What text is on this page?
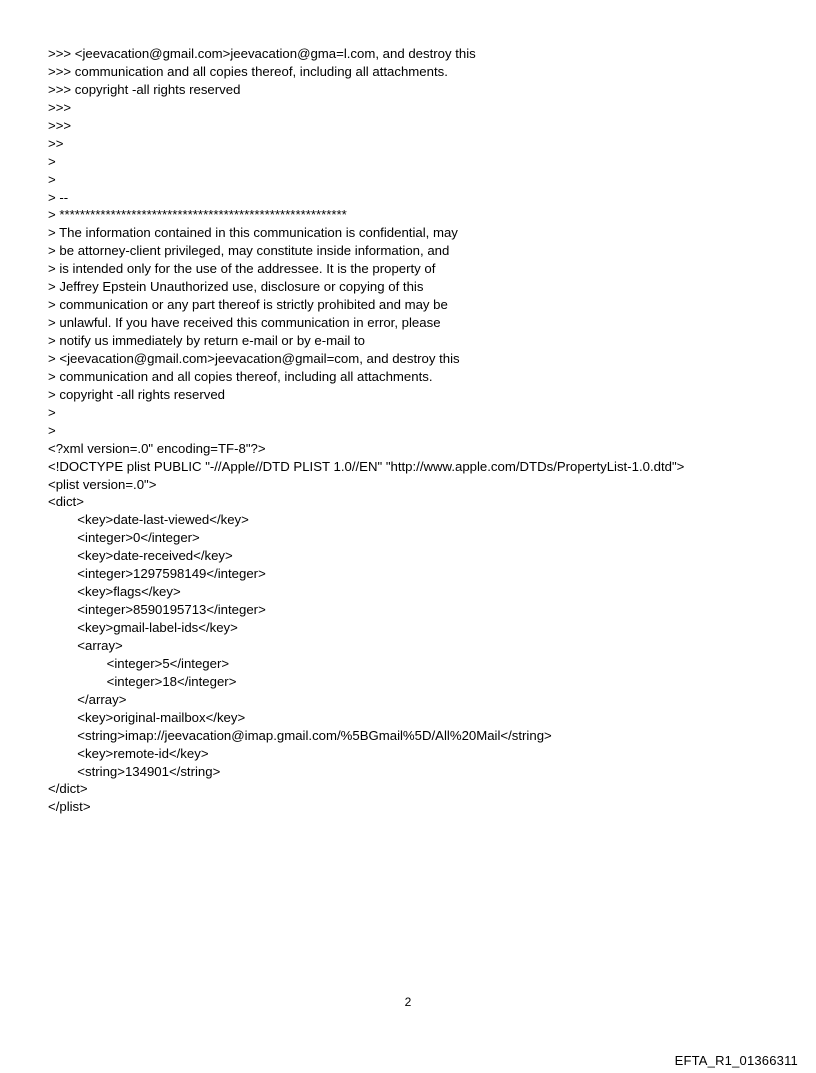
>>> <jeevacation@gmail.com>jeevacation@gma=l.com, and destroy this
>>> communication and all copies thereof, including all attachments.
>>> copyright -all rights reserved
>>>
>>>
>>
>
>
> --
> ********************************************************
> The information contained in this communication is confidential, may
> be attorney-client privileged, may constitute inside information, and
> is intended only for the use of the addressee. It is the property of
> Jeffrey Epstein Unauthorized use, disclosure or copying of this
> communication or any part thereof is strictly prohibited and may be
> unlawful. If you have received this communication in error, please
> notify us immediately by return e-mail or by e-mail to
> <jeevacation@gmail.com>jeevacation@gmail=com, and destroy this
> communication and all copies thereof, including all attachments.
> copyright -all rights reserved
>
>
<?xml version=.0" encoding=TF-8"?>
<!DOCTYPE plist PUBLIC "-//Apple//DTD PLIST 1.0//EN" "http://www.apple.com/DTDs/PropertyList-1.0.dtd">
<plist version=.0">
<dict>
<key>date-last-viewed</key>
<integer>0</integer>
<key>date-received</key>
<integer>1297598149</integer>
<key>flags</key>
<integer>8590195713</integer>
<key>gmail-label-ids</key>
<array>
<integer>5</integer>
<integer>18</integer>
</array>
<key>original-mailbox</key>
<string>imap://jeevacation@imap.gmail.com/%5BGmail%5D/All%20Mail</string>
<key>remote-id</key>
<string>134901</string>
</dict>
</plist>
2
EFTA_R1_01366311
